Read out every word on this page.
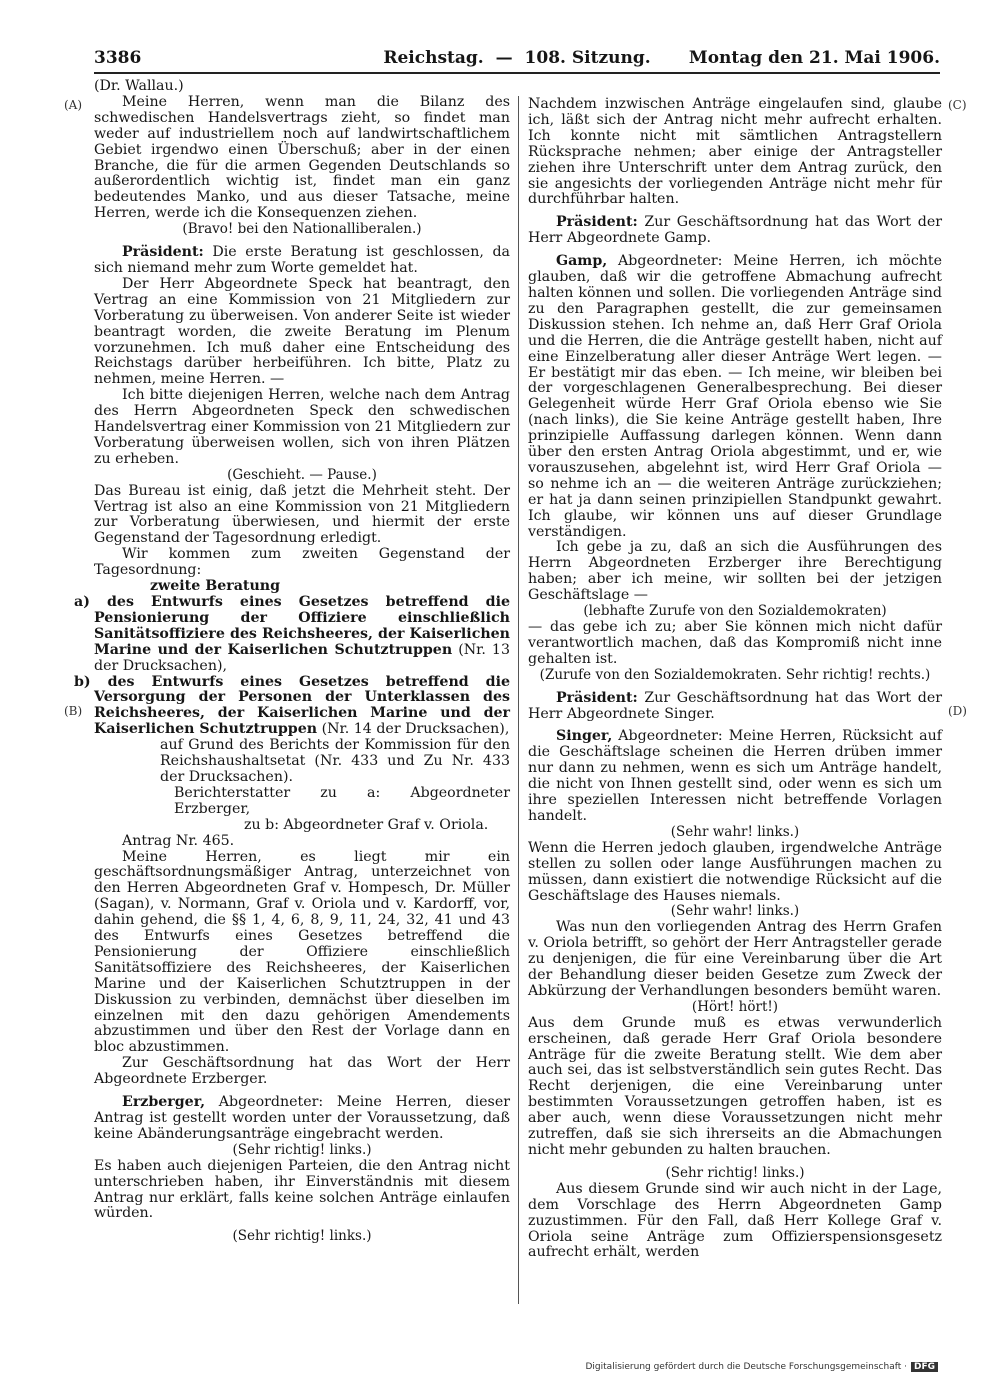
3386	Reichstag. — 108. Sitzung.	Montag den 21. Mai 1906.
(A)
(B)
(C)
(D)

(Dr. Wallau.)

Meine Herren, wenn man die Bilanz des schwedischen Handelsvertrags zieht, so findet man weder auf industriellem noch auf landwirtschaftlichem Gebiet irgendwo einen Überschuß; aber in der einen Branche, die für die armen Gegenden Deutschlands so außerordentlich wichtig ist, findet man ein ganz bedeutendes Manko, und aus dieser Tatsache, meine Herren, werde ich die Konsequenzen ziehen.

(Bravo! bei den Nationalliberalen.)

Präsident: Die erste Beratung ist geschlossen, da sich niemand mehr zum Worte gemeldet hat.

Der Herr Abgeordnete Speck hat beantragt, den Vertrag an eine Kommission von 21 Mitgliedern zur Vorberatung zu überweisen. Von anderer Seite ist wieder beantragt worden, die zweite Beratung im Plenum vorzunehmen. Ich muß daher eine Entscheidung des Reichstags darüber herbeiführen. Ich bitte, Platz zu nehmen, meine Herren. —

Ich bitte diejenigen Herren, welche nach dem Antrag des Herrn Abgeordneten Speck den schwedischen Handelsvertrag einer Kommission von 21 Mitgliedern zur Vorberatung überweisen wollen, sich von ihren Plätzen zu erheben.

(Geschieht. — Pause.)

Das Bureau ist einig, daß jetzt die Mehrheit steht. Der Vertrag ist also an eine Kommission von 21 Mitgliedern zur Vorberatung überwiesen, und hiermit der erste Gegenstand der Tagesordnung erledigt.

Wir kommen zum zweiten Gegenstand der Tagesordnung:

zweite Beratung

a) des Entwurfs eines Gesetzes betreffend die Pensionierung der Offiziere einschließlich Sanitätsoffiziere des Reichsheeres, der Kaiserlichen Marine und der Kaiserlichen Schutztruppen (Nr. 13 der Drucksachen),

b) des Entwurfs eines Gesetzes betreffend die Versorgung der Personen der Unterklassen des Reichsheeres, der Kaiserlichen Marine und der Kaiserlichen Schutztruppen (Nr. 14 der Drucksachen),

auf Grund des Berichts der Kommission für den Reichshaushaltsetat (Nr. 433 und Zu Nr. 433 der Drucksachen).

Berichterstatter zu a: Abgeordneter Erzberger,

zu b: Abgeordneter Graf v. Oriola.

Antrag Nr. 465.

Meine Herren, es liegt mir ein geschäftsordnungsmäßiger Antrag, unterzeichnet von den Herren Abgeordneten Graf v. Hompesch, Dr. Müller (Sagan), v. Normann, Graf v. Oriola und v. Kardorff, vor, dahin gehend, die §§ 1, 4, 6, 8, 9, 11, 24, 32, 41 und 43 des Entwurfs eines Gesetzes betreffend die Pensionierung der Offiziere einschließlich Sanitätsoffiziere des Reichsheeres, der Kaiserlichen Marine und der Kaiserlichen Schutztruppen in der Diskussion zu verbinden, demnächst über dieselben im einzelnen mit den dazu gehörigen Amendements abzustimmen und über den Rest der Vorlage dann en bloc abzustimmen.

Zur Geschäftsordnung hat das Wort der Herr Abgeordnete Erzberger.

Erzberger, Abgeordneter: Meine Herren, dieser Antrag ist gestellt worden unter der Voraussetzung, daß keine Abänderungsanträge eingebracht werden.

(Sehr richtig! links.)

Es haben auch diejenigen Parteien, die den Antrag nicht unterschrieben haben, ihr Einverständnis mit diesem Antrag nur erklärt, falls keine solchen Anträge einlaufen würden.

(Sehr richtig! links.)

Nachdem inzwischen Anträge eingelaufen sind, glaube ich, läßt sich der Antrag nicht mehr aufrecht erhalten. Ich konnte nicht mit sämtlichen Antragstellern Rücksprache nehmen; aber einige der Antragsteller ziehen ihre Unterschrift unter dem Antrag zurück, den sie angesichts der vorliegenden Anträge nicht mehr für durchführbar halten.

Präsident: Zur Geschäftsordnung hat das Wort der Herr Abgeordnete Gamp.

Gamp, Abgeordneter: Meine Herren, ich möchte glauben, daß wir die getroffene Abmachung aufrecht halten können und sollen. Die vorliegenden Anträge sind zu den Paragraphen gestellt, die zur gemeinsamen Diskussion stehen. Ich nehme an, daß Herr Graf Oriola und die Herren, die die Anträge gestellt haben, nicht auf eine Einzelberatung aller dieser Anträge Wert legen. — Er bestätigt mir das eben. — Ich meine, wir bleiben bei der vorgeschlagenen Generalbesprechung. Bei dieser Gelegenheit würde Herr Graf Oriola ebenso wie Sie (nach links), die Sie keine Anträge gestellt haben, Ihre prinzipielle Auffassung darlegen können. Wenn dann über den ersten Antrag Oriola abgestimmt, und er, wie vorauszusehen, abgelehnt ist, wird Herr Graf Oriola — so nehme ich an — die weiteren Anträge zurückziehen; er hat ja dann seinen prinzipiellen Standpunkt gewahrt. Ich glaube, wir können uns auf dieser Grundlage verständigen.

Ich gebe ja zu, daß an sich die Ausführungen des Herrn Abgeordneten Erzberger ihre Berechtigung haben; aber ich meine, wir sollten bei der jetzigen Geschäftslage —

(lebhafte Zurufe von den Sozialdemokraten)

— das gebe ich zu; aber Sie können mich nicht dafür verantwortlich machen, daß das Kompromiß nicht inne gehalten ist.

(Zurufe von den Sozialdemokraten. Sehr richtig! rechts.)

Präsident: Zur Geschäftsordnung hat das Wort der Herr Abgeordnete Singer.

Singer, Abgeordneter: Meine Herren, Rücksicht auf die Geschäftslage scheinen die Herren drüben immer nur dann zu nehmen, wenn es sich um Anträge handelt, die nicht von Ihnen gestellt sind, oder wenn es sich um ihre speziellen Interessen nicht betreffende Vorlagen handelt.

(Sehr wahr! links.)

Wenn die Herren jedoch glauben, irgendwelche Anträge stellen zu sollen oder lange Ausführungen machen zu müssen, dann existiert die notwendige Rücksicht auf die Geschäftslage des Hauses niemals.

(Sehr wahr! links.)

Was nun den vorliegenden Antrag des Herrn Grafen v. Oriola betrifft, so gehört der Herr Antragsteller gerade zu denjenigen, die für eine Vereinbarung über die Art der Behandlung dieser beiden Gesetze zum Zweck der Abkürzung der Verhandlungen besonders bemüht waren.

(Hört! hört!)

Aus dem Grunde muß es etwas verwunderlich erscheinen, daß gerade Herr Graf Oriola besondere Anträge für die zweite Beratung stellt. Wie dem aber auch sei, das ist selbstverständlich sein gutes Recht. Das Recht derjenigen, die eine Vereinbarung unter bestimmten Voraussetzungen getroffen haben, ist es aber auch, wenn diese Voraussetzungen nicht mehr zutreffen, daß sie sich ihrerseits an die Abmachungen nicht mehr gebunden zu halten brauchen.

(Sehr richtig! links.)

Aus diesem Grunde sind wir auch nicht in der Lage, dem Vorschlage des Herrn Abgeordneten Gamp zuzustimmen. Für den Fall, daß Herr Kollege Graf v. Oriola seine Anträge zum Offizierspensionsgesetz aufrecht erhält, werden

Digitalisierung gefördert durch die Deutsche Forschungsgemeinschaft · DFG
